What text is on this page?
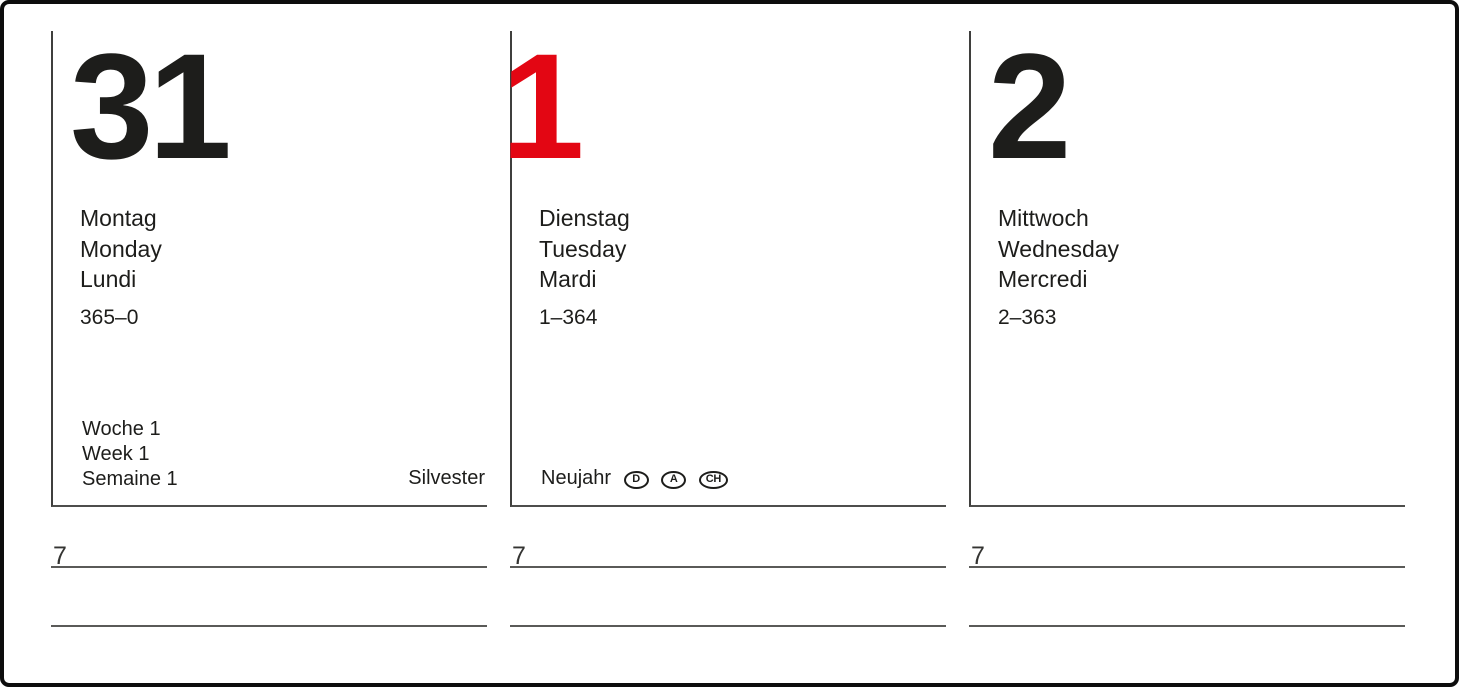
31
Montag
Monday
Lundi
365–0
Woche 1
Week 1
Semaine 1	Silvester
7
1
Dienstag
Tuesday
Mardi
1–364
Neujahr D	A	CH
7
2
Mittwoch
Wednesday
Mercredi
2–363
7
